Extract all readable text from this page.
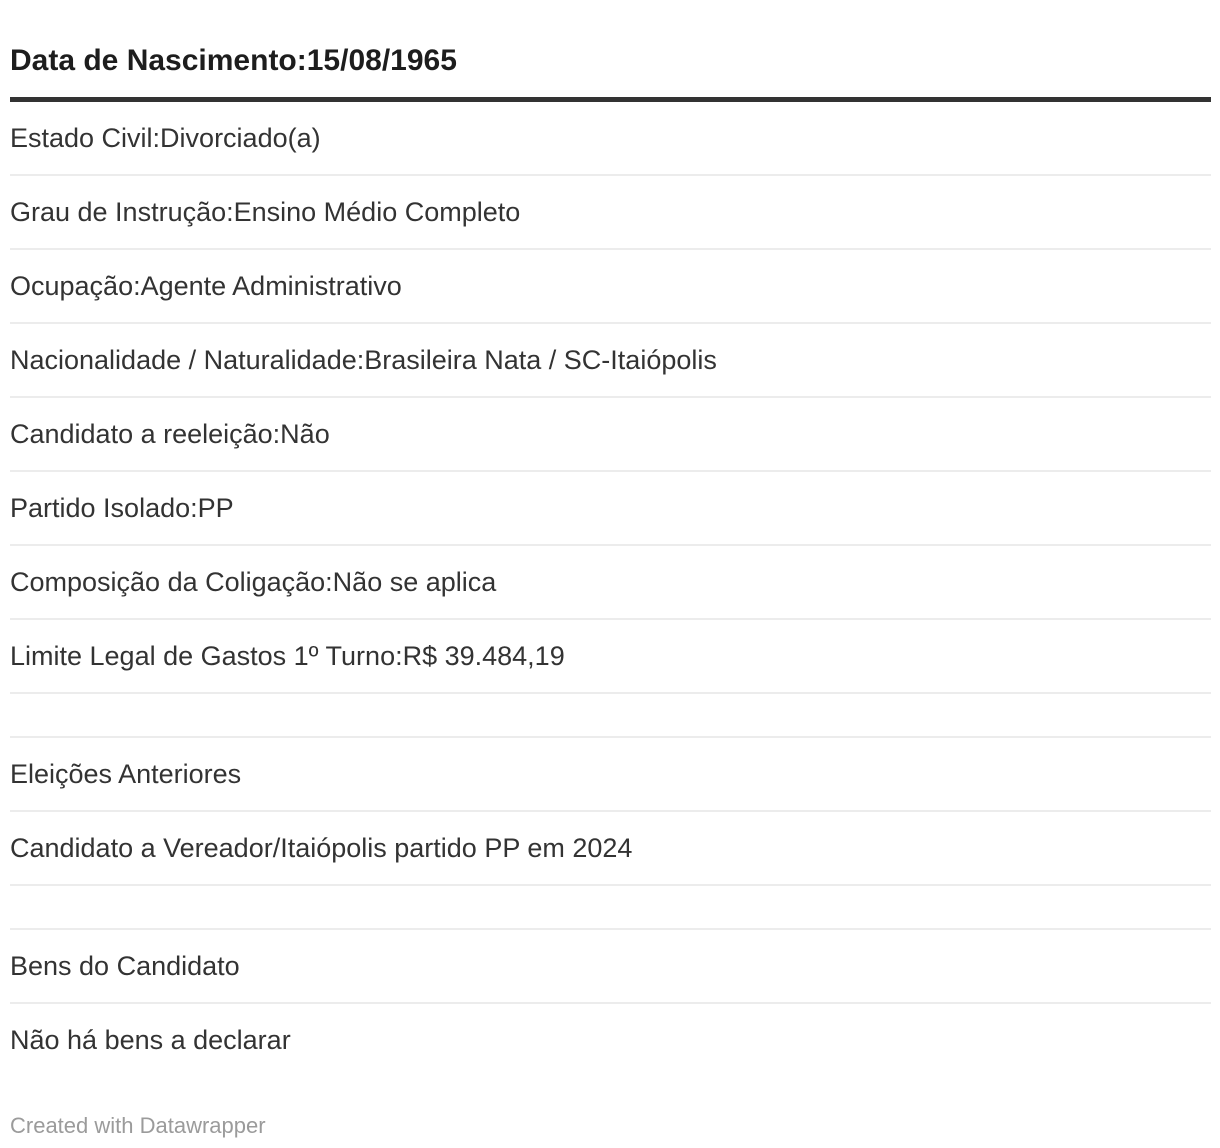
Data de Nascimento:15/08/1965
Estado Civil:Divorciado(a)
Grau de Instrução:Ensino Médio Completo
Ocupação:Agente Administrativo
Nacionalidade / Naturalidade:Brasileira Nata / SC-Itaiópolis
Candidato a reeleição:Não
Partido Isolado:PP
Composição da Coligação:Não se aplica
Limite Legal de Gastos 1º Turno:R$ 39.484,19
Eleições Anteriores
Candidato a Vereador/Itaiópolis partido PP em 2024
Bens do Candidato
Não há bens a declarar
Created with Datawrapper
